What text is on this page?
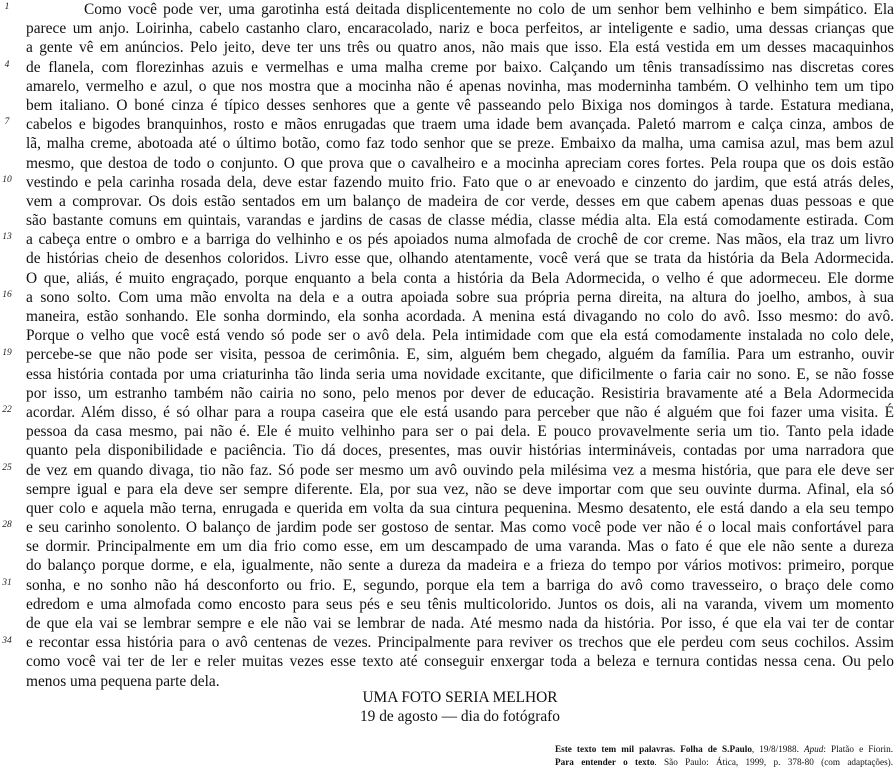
Como você pode ver, uma garotinha está deitada displicentemente no colo de um senhor bem velhinho e bem simpático. Ela
parece um anjo. Loirinha, cabelo castanho claro, encaracolado, nariz e boca perfeitos, ar inteligente e sadio, uma dessas crianças que
a gente vê em anúncios. Pelo jeito, deve ter uns três ou quatro anos, não mais que isso. Ela está vestida em um desses macaquinhos
de flanela, com florezinhas azuis e vermelhas e uma malha creme por baixo. Calçando um tênis transadíssimo nas discretas cores
amarelo, vermelho e azul, o que nos mostra que a mocinha não é apenas novinha, mas moderninha também. O velhinho tem um tipo
bem italiano. O boné cinza é típico desses senhores que a gente vê passeando pelo Bixiga nos domingos à tarde. Estatura mediana,
cabelos e bigodes branquinhos, rosto e mãos enrugadas que traem uma idade bem avançada. Paletó marrom e calça cinza, ambos de
lã, malha creme, abotoada até o último botão, como faz todo senhor que se preze. Embaixo da malha, uma camisa azul, mas bem azul
mesmo, que destoa de todo o conjunto. O que prova que o cavalheiro e a mocinha apreciam cores fortes. Pela roupa que os dois estão
vestindo e pela carinha rosada dela, deve estar fazendo muito frio. Fato que o ar enevoado e cinzento do jardim, que está atrás deles,
vem a comprovar. Os dois estão sentados em um balanço de madeira de cor verde, desses em que cabem apenas duas pessoas e que
são bastante comuns em quintais, varandas e jardins de casas de classe média, classe média alta. Ela está comodamente estirada. Com
a cabeça entre o ombro e a barriga do velhinho e os pés apoiados numa almofada de crochê de cor creme. Nas mãos, ela traz um livro
de histórias cheio de desenhos coloridos. Livro esse que, olhando atentamente, você verá que se trata da história da Bela Adormecida.
O que, aliás, é muito engraçado, porque enquanto a bela conta a história da Bela Adormecida, o velho é que adormeceu. Ele dorme
a sono solto. Com uma mão envolta na dela e a outra apoiada sobre sua própria perna direita, na altura do joelho, ambos, à sua
maneira, estão sonhando. Ele sonha dormindo, ela sonha acordada. A menina está divagando no colo do avô. Isso mesmo: do avô.
Porque o velho que você está vendo só pode ser o avô dela. Pela intimidade com que ela está comodamente instalada no colo dele,
percebe-se que não pode ser visita, pessoa de cerimônia. E, sim, alguém bem chegado, alguém da família. Para um estranho, ouvir
essa história contada por uma criaturinha tão linda seria uma novidade excitante, que dificilmente o faria cair no sono. E, se não fosse
por isso, um estranho também não cairia no sono, pelo menos por dever de educação. Resistiria bravamente até a Bela Adormecida
acordar. Além disso, é só olhar para a roupa caseira que ele está usando para perceber que não é alguém que foi fazer uma visita. É
pessoa da casa mesmo, pai não é. Ele é muito velhinho para ser o pai dela. E pouco provavelmente seria um tio. Tanto pela idade
quanto pela disponibilidade e paciência. Tio dá doces, presentes, mas ouvir histórias intermináveis, contadas por uma narradora que
de vez em quando divaga, tio não faz. Só pode ser mesmo um avô ouvindo pela milésima vez a mesma história, que para ele deve ser
sempre igual e para ela deve ser sempre diferente. Ela, por sua vez, não se deve importar com que seu ouvinte durma. Afinal, ela só
quer colo e aquela mão terna, enrugada e querida em volta da sua cintura pequenina. Mesmo desatento, ele está dando a ela seu tempo
e seu carinho sonolento. O balanço de jardim pode ser gostoso de sentar. Mas como você pode ver não é o local mais confortável para
se dormir. Principalmente em um dia frio como esse, em um descampado de uma varanda. Mas o fato é que ele não sente a dureza
do balanço porque dorme, e ela, igualmente, não sente a dureza da madeira e a frieza do tempo por vários motivos: primeiro, porque
sonha, e no sonho não há desconforto ou frio. E, segundo, porque ela tem a barriga do avô como travesseiro, o braço dele como
edredom e uma almofada como encosto para seus pés e seu tênis multicolorido. Juntos os dois, ali na varanda, vivem um momento
de que ela vai se lembrar sempre e ele não vai se lembrar de nada. Até mesmo nada da história. Por isso, é que ela vai ter de contar
e recontar essa história para o avô centenas de vezes. Principalmente para reviver os trechos que ele perdeu com seus cochilos. Assim
como você vai ter de ler e reler muitas vezes esse texto até conseguir enxergar toda a beleza e ternura contidas nessa cena. Ou pelo
menos uma pequena parte dela.
1
4
7
10
13
16
19
22
25
28
31
34
UMA FOTO SERIA MELHOR
19 de agosto — dia do fotógrafo
Este texto tem mil palavras. Folha de S.Paulo, 19/8/1988. Apud: Platão e Fiorin.
Para entender o texto. São Paulo: Ática, 1999, p. 378-80 (com adaptações).
